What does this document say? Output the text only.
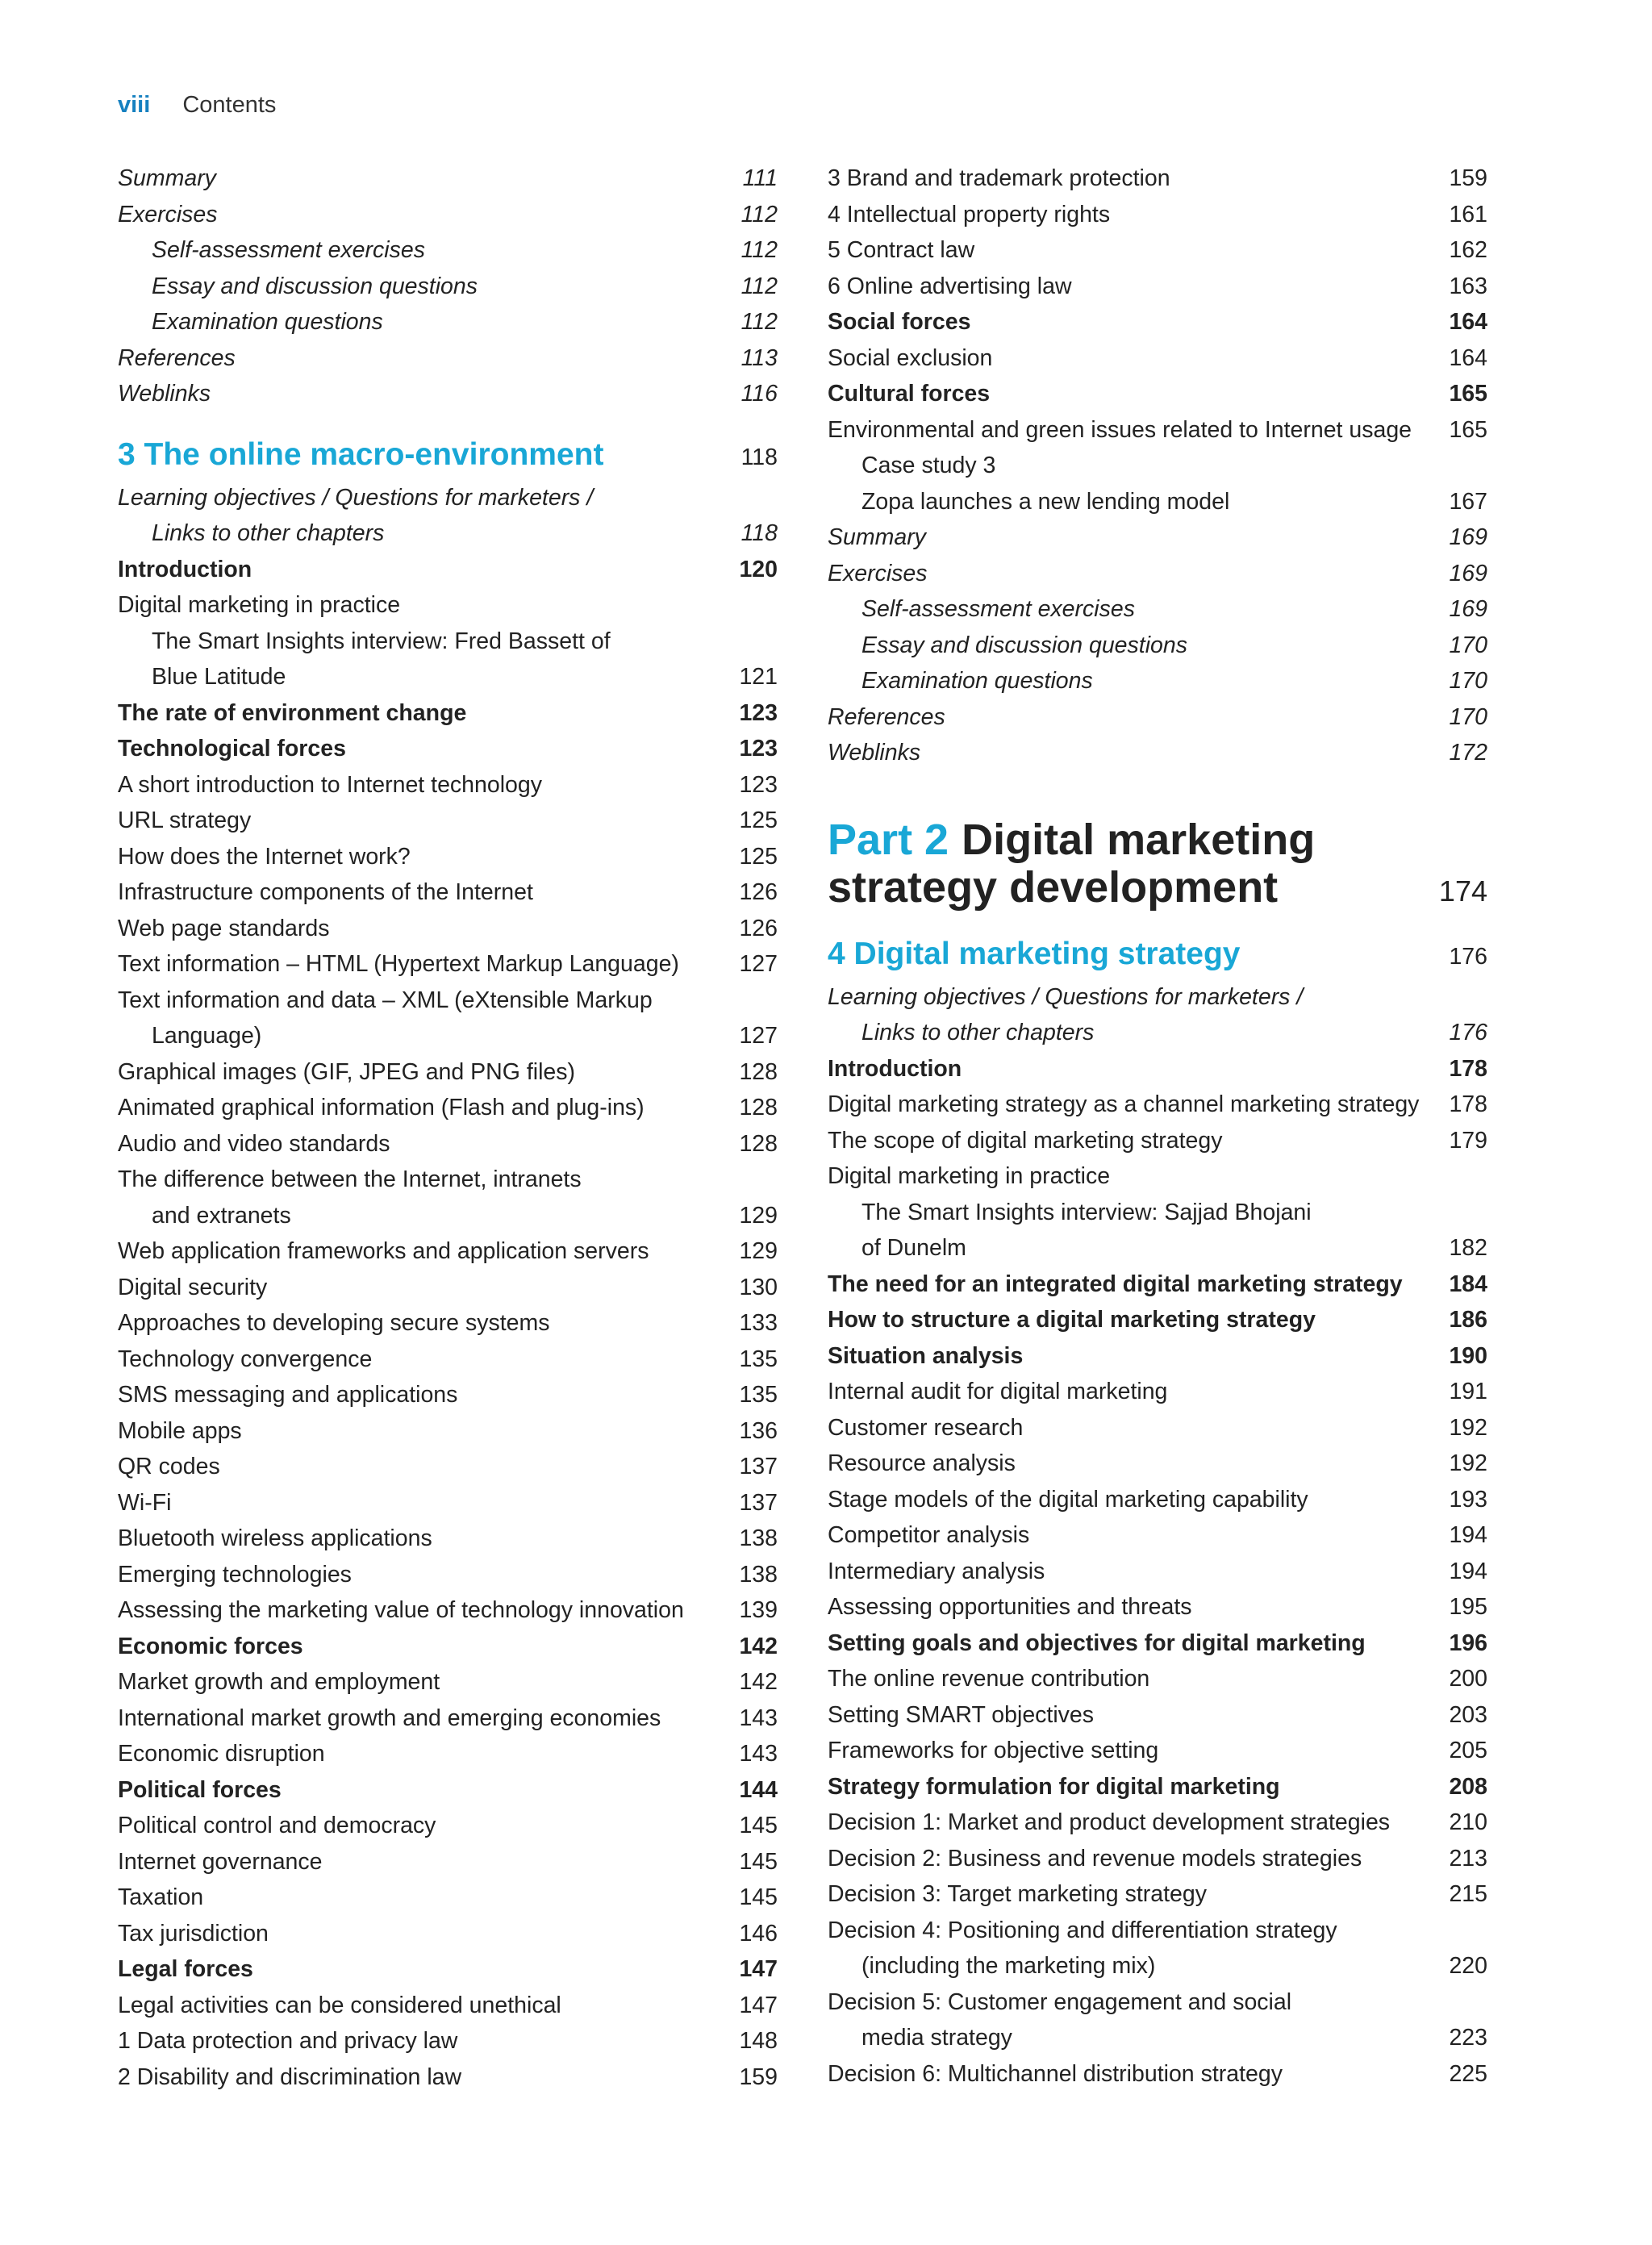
viii Contents
Summary	111
Exercises	112
Self-assessment exercises	112
Essay and discussion questions	112
Examination questions	112
References	113
Weblinks	116
3 The online macro-environment	118
Learning objectives / Questions for marketers /
Links to other chapters	118
Introduction	120
Digital marketing in practice
The Smart Insights interview: Fred Bassett of
Blue Latitude	121
The rate of environment change	123
Technological forces	123
A short introduction to Internet technology	123
URL strategy	125
How does the Internet work?	125
Infrastructure components of the Internet	126
Web page standards	126
Text information – HTML (Hypertext Markup Language)	127
Text information and data – XML (eXtensible Markup
Language)	127
Graphical images (GIF, JPEG and PNG files)	128
Animated graphical information (Flash and plug-ins)	128
Audio and video standards	128
The difference between the Internet, intranets
and extranets	129
Web application frameworks and application servers	129
Digital security	130
Approaches to developing secure systems	133
Technology convergence	135
SMS messaging and applications	135
Mobile apps	136
QR codes	137
Wi-Fi	137
Bluetooth wireless applications	138
Emerging technologies	138
Assessing the marketing value of technology innovation	139
Economic forces	142
Market growth and employment	142
International market growth and emerging economies	143
Economic disruption	143
Political forces	144
Political control and democracy	145
Internet governance	145
Taxation	145
Tax jurisdiction	146
Legal forces	147
Legal activities can be considered unethical	147
1 Data protection and privacy law	148
2 Disability and discrimination law	159
3 Brand and trademark protection	159
4 Intellectual property rights	161
5 Contract law	162
6 Online advertising law	163
Social forces	164
Social exclusion	164
Cultural forces	165
Environmental and green issues related to Internet usage	165
Case study 3
Zopa launches a new lending model	167
Summary	169
Exercises	169
Self-assessment exercises	169
Essay and discussion questions	170
Examination questions	170
References	170
Weblinks	172
Part 2 Digital marketing
strategy development	174
4 Digital marketing strategy	176
Learning objectives / Questions for marketers /
Links to other chapters	176
Introduction	178
Digital marketing strategy as a channel marketing strategy	178
The scope of digital marketing strategy	179
Digital marketing in practice
The Smart Insights interview: Sajjad Bhojani
of Dunelm	182
The need for an integrated digital marketing strategy	184
How to structure a digital marketing strategy	186
Situation analysis	190
Internal audit for digital marketing	191
Customer research	192
Resource analysis	192
Stage models of the digital marketing capability	193
Competitor analysis	194
Intermediary analysis	194
Assessing opportunities and threats	195
Setting goals and objectives for digital marketing	196
The online revenue contribution	200
Setting SMART objectives	203
Frameworks for objective setting	205
Strategy formulation for digital marketing	208
Decision 1: Market and product development strategies	210
Decision 2: Business and revenue models strategies	213
Decision 3: Target marketing strategy	215
Decision 4: Positioning and differentiation strategy
(including the marketing mix)	220
Decision 5: Customer engagement and social
media strategy	223
Decision 6: Multichannel distribution strategy	225
